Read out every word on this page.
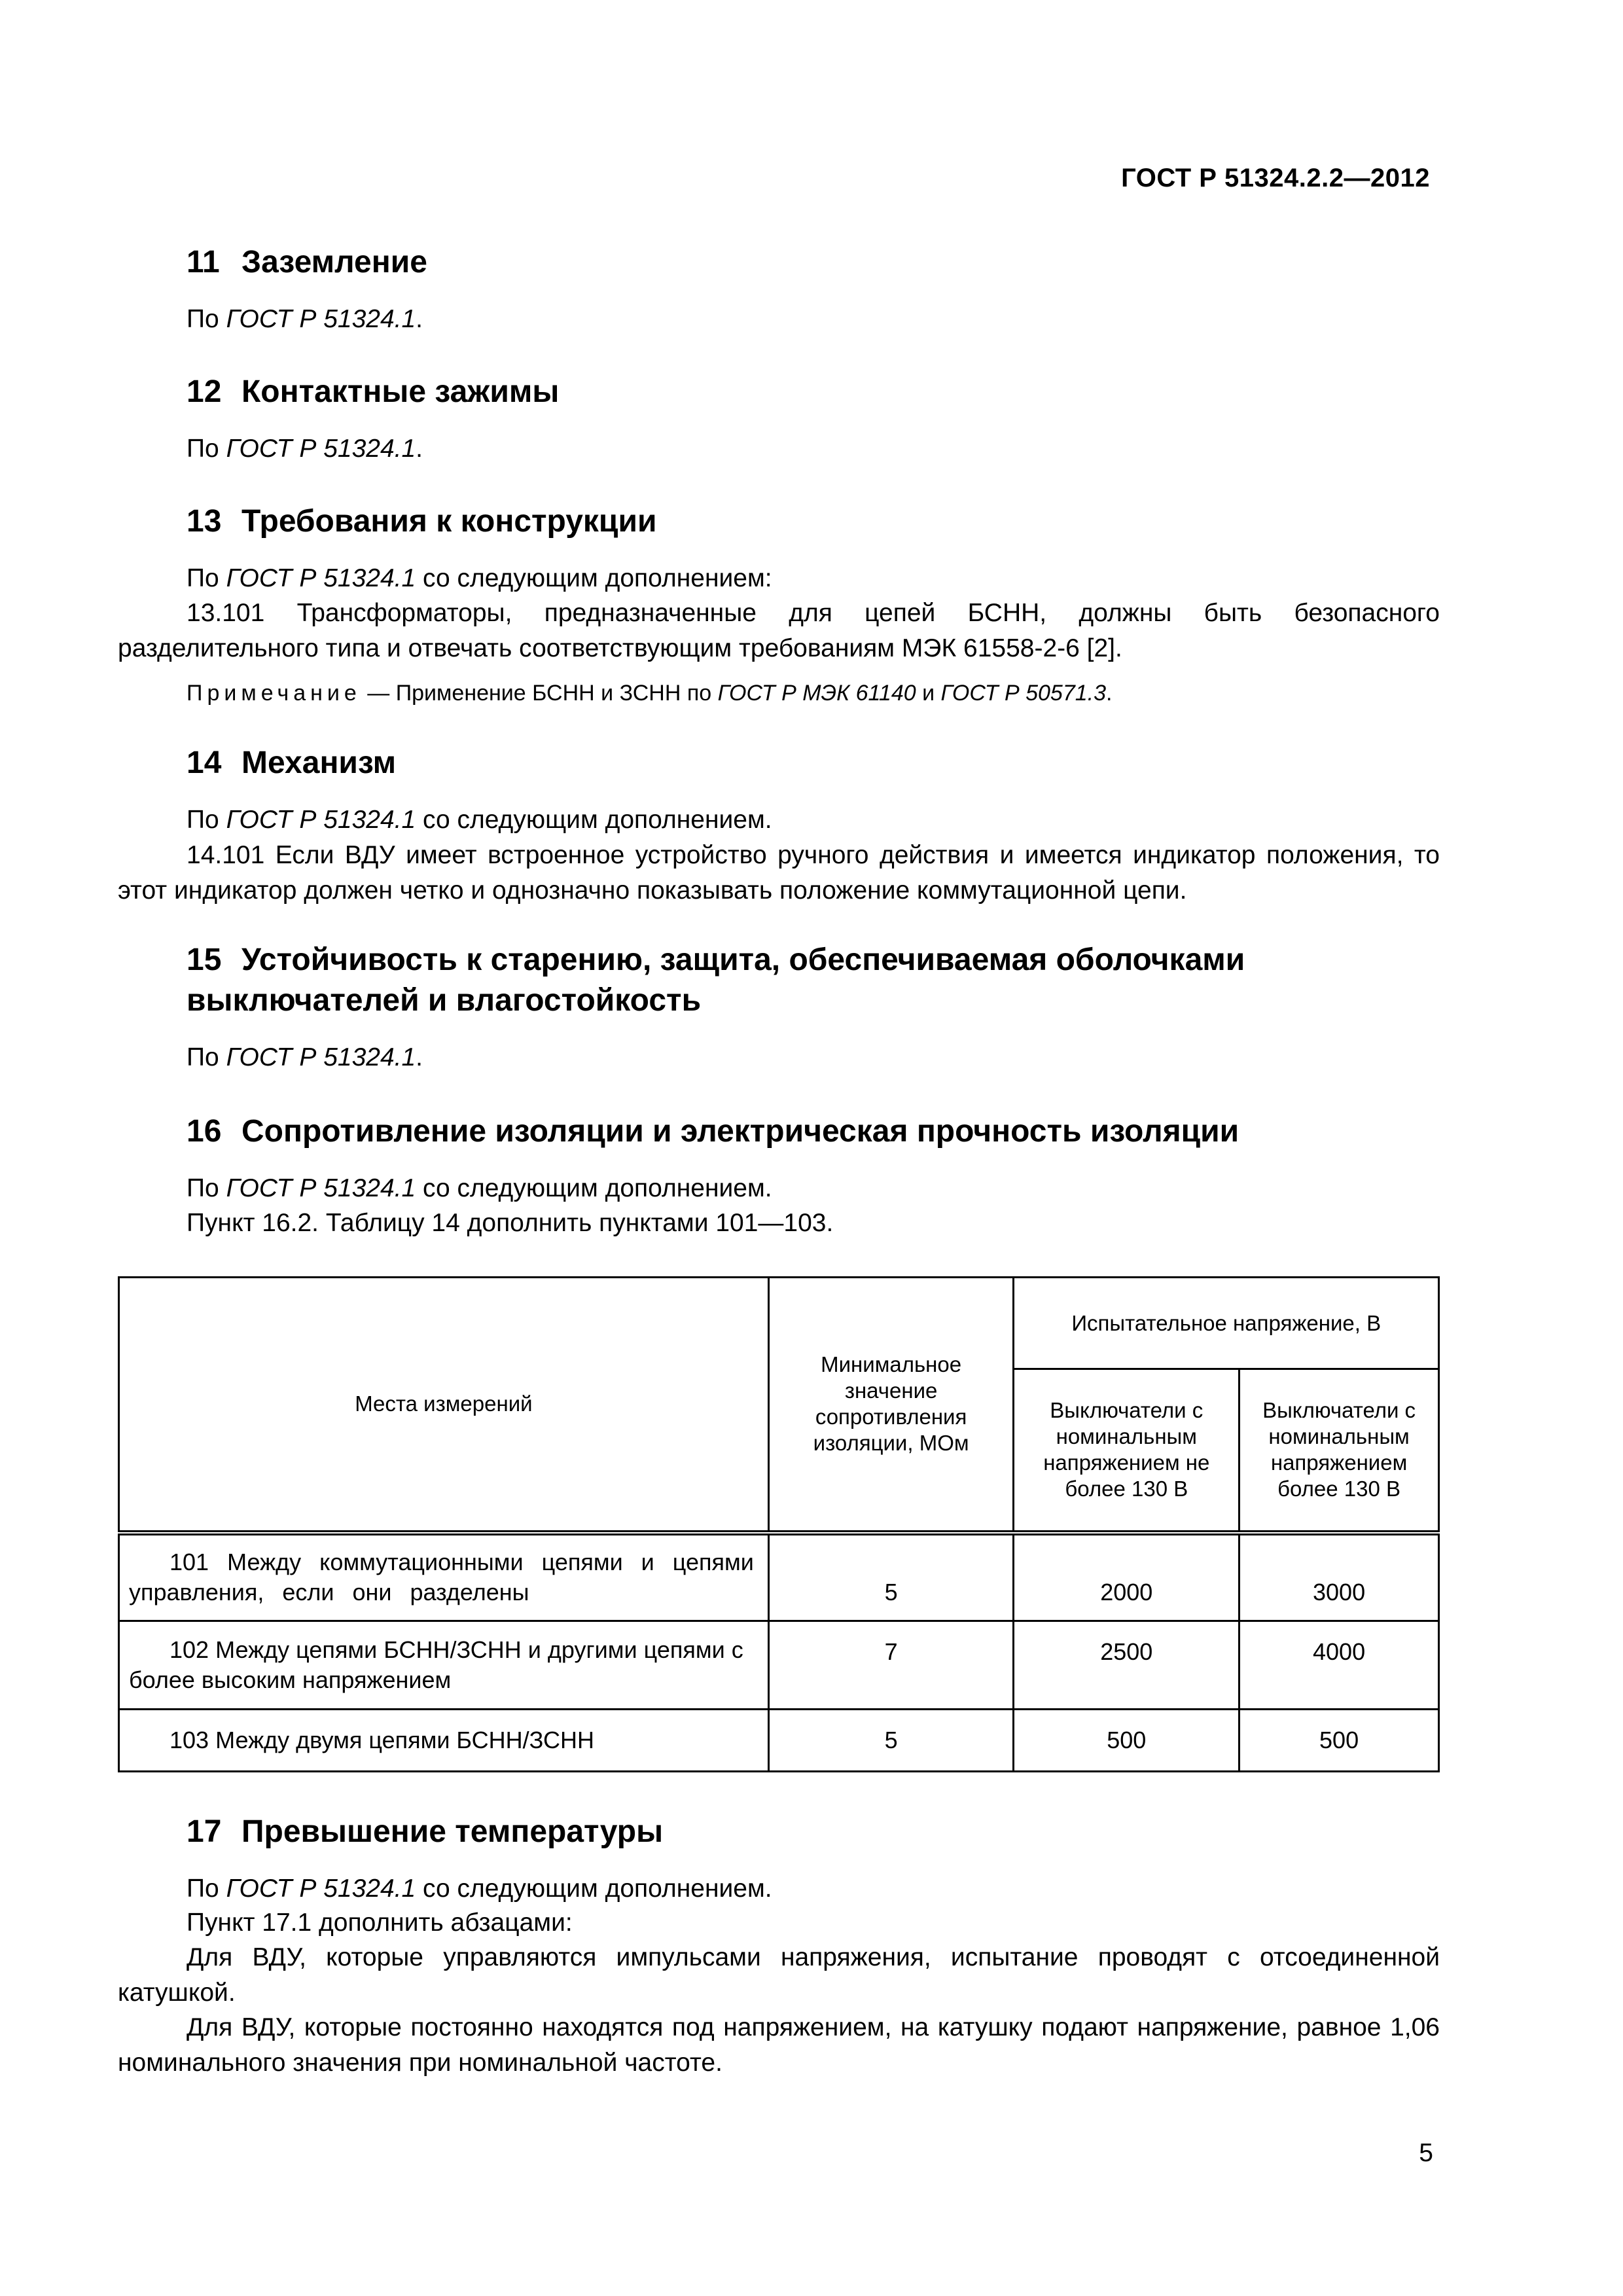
ГОСТ Р 51324.2.2—2012
11 Заземление

По ГОСТ Р 51324.1.

12 Контактные зажимы

По ГОСТ Р 51324.1.

13 Требования к конструкции

По ГОСТ Р 51324.1 со следующим дополнением:

13.101 Трансформаторы, предназначенные для цепей БСНН, должны быть безопасного разделительного типа и отвечать соответствующим требованиям МЭК 61558-2-6 [2].

Примечание — Применение БСНН и ЗСНН по ГОСТ Р МЭК 61140 и ГОСТ Р 50571.3.

14 Механизм

По ГОСТ Р 51324.1 со следующим дополнением.

14.101 Если ВДУ имеет встроенное устройство ручного действия и имеется индикатор положения, то этот индикатор должен четко и однозначно показывать положение коммутационной цепи.

15 Устойчивость к старению, защита, обеспечиваемая оболочками
выключателей и влагостойкость

По ГОСТ Р 51324.1.

16 Сопротивление изоляции и электрическая прочность изоляции

По ГОСТ Р 51324.1 со следующим дополнением.

Пункт 16.2. Таблицу 14 дополнить пунктами 101—103.

Места измерений	Минимальное значение сопротивления изоляции, МОм	Испытательное напряжение, В	
		Выключатели с номинальным напряжением не более 130 В	Выключатели с номинальным напряжением более 130 В
101 Между коммутационными цепями и цепями управления, если они разделены	5	2000	3000
102 Между цепями БСНН/ЗСНН и другими цепями с более высоким напряжением	7	2500	4000
103 Между двумя цепями БСНН/ЗСНН	5	500	500
17 Превышение температуры

По ГОСТ Р 51324.1 со следующим дополнением.

Пункт 17.1 дополнить абзацами:

Для ВДУ, которые управляются импульсами напряжения, испытание проводят с отсоединенной катушкой.

Для ВДУ, которые постоянно находятся под напряжением, на катушку подают напряжение, равное 1,06 номинального значения при номинальной частоте.

5
